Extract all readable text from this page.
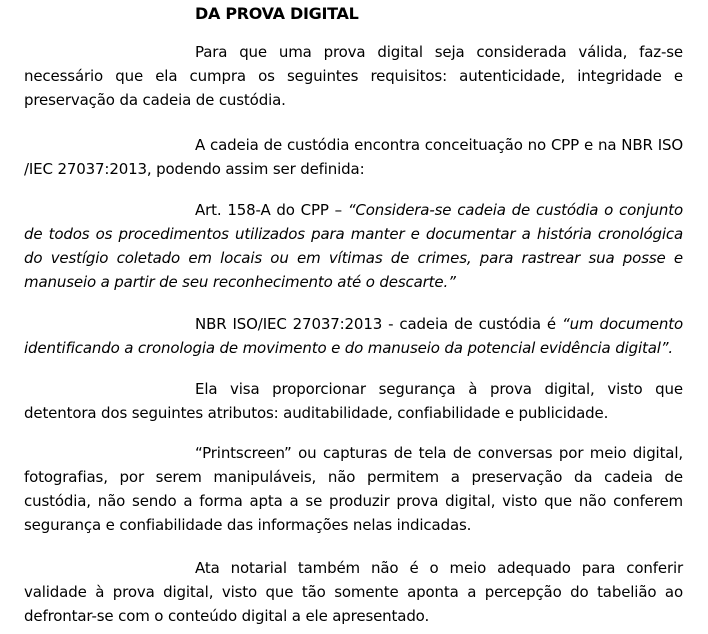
DA PROVA DIGITAL

Para que uma prova digital seja considerada válida, faz-se necessário que ela cumpra os seguintes requisitos: autenticidade, integridade e preservação da cadeia de custódia.

A cadeia de custódia encontra conceituação no CPP e na NBR ISO /IEC 27037:2013, podendo assim ser definida:

Art. 158-A do CPP – “Considera-se cadeia de custódia o conjunto de todos os procedimentos utilizados para manter e documentar a história cronológica do vestígio coletado em locais ou em vítimas de crimes, para rastrear sua posse e manuseio a partir de seu reconhecimento até o descarte.”

NBR ISO/IEC 27037:2013 - cadeia de custódia é “um documento identificando a cronologia de movimento e do manuseio da potencial evidência digital”.

Ela visa proporcionar segurança à prova digital, visto que detentora dos seguintes atributos: auditabilidade, confiabilidade e publicidade.

“Printscreen” ou capturas de tela de conversas por meio digital, fotografias, por serem manipuláveis, não permitem a preservação da cadeia de custódia, não sendo a forma apta a se produzir prova digital, visto que não conferem segurança e confiabilidade das informações nelas indicadas.

Ata notarial também não é o meio adequado para conferir validade à prova digital, visto que tão somente aponta a percepção do tabelião ao defrontar-se com o conteúdo digital a ele apresentado.
